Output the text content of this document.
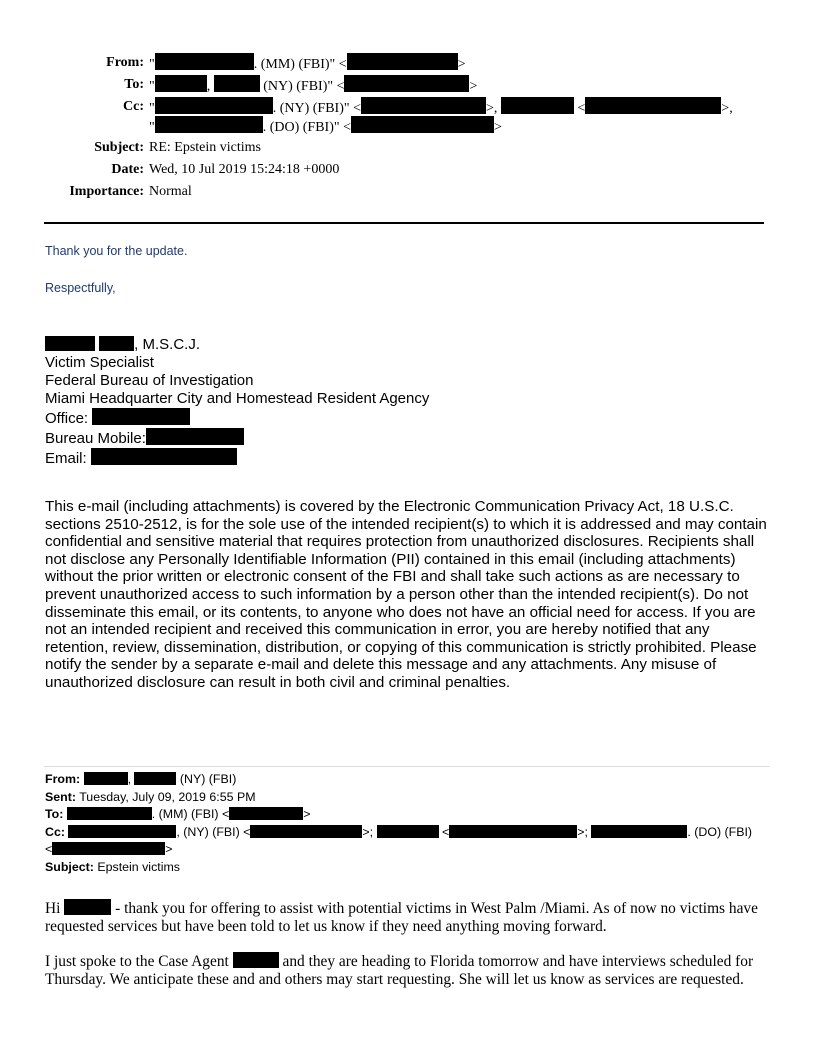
From: "	. (MM) (FBI)" <	>
To: "	,	(NY) (FBI)" <	>
Cc: "	. (NY) (FBI)" <	>,	<	>,
"	. (DO) (FBI)" <	>
Subject: RE: Epstein victims
Date: Wed, 10 Jul 2019 15:24:18 +0000
Importance: Normal
Thank you for the update.
Respectfully,
, M.S.C.J.
Victim Specialist
Federal Bureau of Investigation
Miami Headquarter City and Homestead Resident Agency
Office:
Bureau Mobile:
Email:
This e-mail (including attachments) is covered by the Electronic Communication Privacy Act, 18 U.S.C. sections 2510-2512, is for the sole use of the intended recipient(s) to which it is addressed and may contain confidential and sensitive material that requires protection from unauthorized disclosures. Recipients shall not disclose any Personally Identifiable Information (PII) contained in this email (including attachments) without the prior written or electronic consent of the FBI and shall take such actions as are necessary to prevent unauthorized access to such information by a person other than the intended recipient(s). Do not disseminate this email, or its contents, to anyone who does not have an official need for access. If you are not an intended recipient and received this communication in error, you are hereby notified that any retention, review, dissemination, distribution, or copying of this communication is strictly prohibited. Please notify the sender by a separate e-mail and delete this message and any attachments. Any misuse of unauthorized disclosure can result in both civil and criminal penalties.
From:	,	(NY) (FBI)
Sent: Tuesday, July 09, 2019 6:55 PM
To:	. (MM) (FBI) <	>
Cc:	, (NY) (FBI) <	>;	<	>;	. (DO) (FBI)
<	>
Subject: Epstein victims
Hi	- thank you for offering to assist with potential victims in West Palm /Miami. As of now no victims have requested services but have been told to let us know if they need anything moving forward.
I just spoke to the Case Agent	and they are heading to Florida tomorrow and have interviews scheduled for Thursday. We anticipate these and and others may start requesting. She will let us know as services are requested.
